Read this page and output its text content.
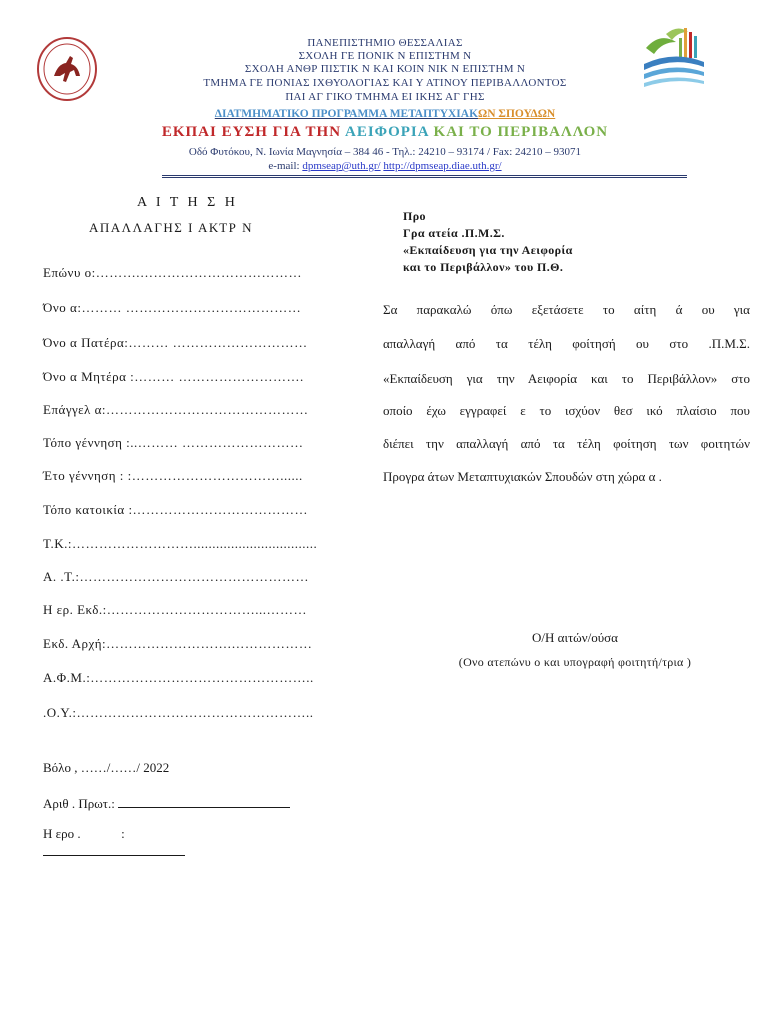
ΠΑΝΕΠΙΣΤΗΜΙΟ ΘΕΣΣΑΛΙΑΣ
ΣΧΟΛΗ ΓΕ ΠΟΝΙΚ Ν ΕΠΙΣΤΗΜ Ν
ΣΧΟΛΗ ΑΝΘΡ ΠΙΣΤΙΚ Ν ΚΑΙ ΚΟΙΝ ΝΙΚ Ν ΕΠΙΣΤΗΜ Ν
ΤΜΗΜΑ ΓΕ ΠΟΝΙΑΣ ΙΧΘΥΟΛΟΓΙΑΣ ΚΑΙ Υ ΑΤΙΝΟΥ ΠΕΡΙΒΑΛΛΟΝΤΟΣ
ΠΑΙ ΑΓ ΓΙΚΟ ΤΜΗΜΑ ΕΙ ΙΚΗΣ ΑΓ ΓΗΣ
ΔΙΑΤΜΗΜΑΤΙΚΟ ΠΡΟΓΡΑΜΜΑ ΜΕΤΑΠΤΥΧΙΑΚΩΝ ΣΠΟΥΔΩΝ
ΕΚΠΑΙ ΕΥΣΗ ΓΙΑ ΤΗΝ ΑΕΙΦΟΡΙΑ ΚΑΙ ΤΟ ΠΕΡΙΒΑΛΛΟΝ
Οδό Φυτόκου, Ν. Ιωνία Μαγνησία – 384 46 - Τηλ.: 24210 – 93174 / Fax: 24210 – 93071
e-mail: dpmseap@uth.gr/ http://dpmseap.diae.uth.gr/
Α Ι Τ Η Σ Η
ΑΠΑΛΛΑΓΗΣ Ι ΑΚΤΡ Ν
Προ
Γρα ατεία .Π.Μ.Σ.
«Εκπαίδευση για την Αειφορία
και το Περιβάλλον» του Π.Θ.
Επώνυ ο:……….………………………………
Όνο α:……… …………………………………
Όνο α Πατέρα:……… …………………………
Όνο α Μητέρα :……… ……………………….
Επάγγελ α:………………………………………
Τόπο γέννηση :..……… ………………………
Έτο γέννηση : :……………………………......
Τόπο κατοικία :…………………………………
Τ.Κ.:……………………….................................
Α. .Τ.:……………………………………………
Η ερ. Εκδ.:……………………………...………
Εκδ. Αρχή:……………………….………………
Α.Φ.Μ.:…………………………………………..
.Ο.Υ.:……………………………………………..
Σα παρακαλώ όπω εξετάσετε το αίτη ά ου για
απαλλαγή από τα τέλη φοίτησή ου στο .Π.Μ.Σ.
«Εκπαίδευση για την Αειφορία και το Περιβάλλον» στο
οποίο έχω εγγραφεί ε το ισχύον θεσ ικό πλαίσιο που
διέπει την απαλλαγή από τα τέλη φοίτηση των φοιτητών
Προγρα άτων Μεταπτυχιακών Σπουδών στη χώρα α .
Ο/Η αιτών/ούσα
(Ονο ατεπώνυ ο και υπογραφή φοιτητή/τρια )
Βόλο , ……/……/ 2022
Αριθ . Πρωτ.:
Η ερο .	:
